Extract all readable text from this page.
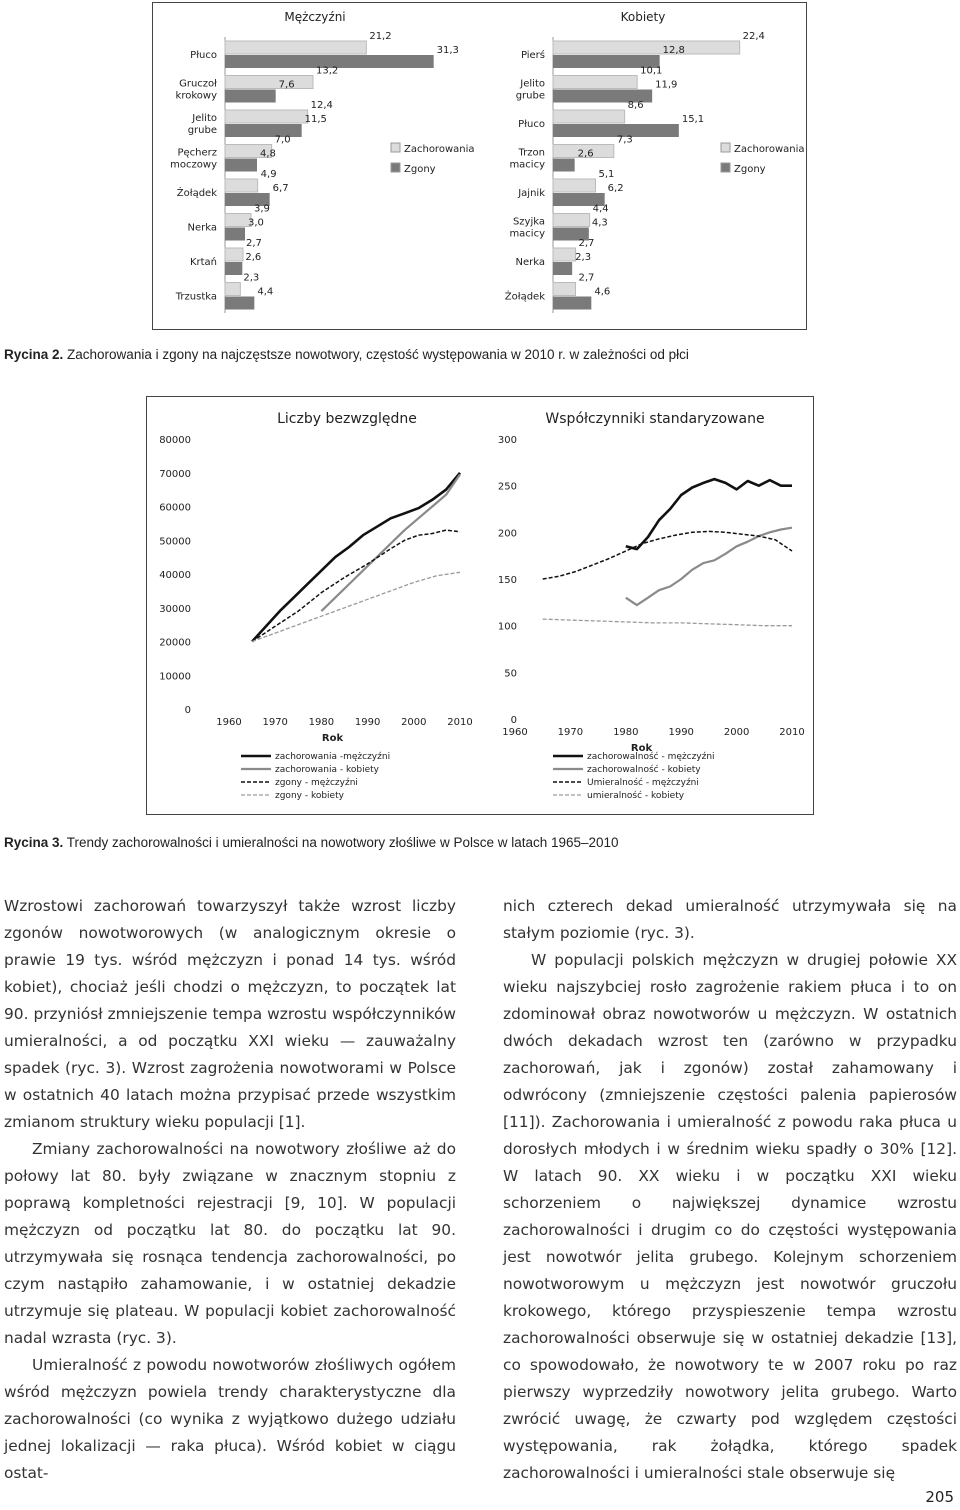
Mężczyźni
Płuco
21,2
31,3
Gruczoł
krokowy
13,2
7,6
Jelito
grube
12,4
11,5
Pęcherz
moczowy
7,0
4,8
Żołądek
4,9
6,7
Nerka
3,9
3,0
Krtań
2,7
2,6
Trzustka
2,3
4,4
Zachorowania
Zgony
Kobiety
Pierś
22,4
12,8
Jelito
grube
10,1
11,9
Płuco
8,6
15,1
Trzon
macicy
7,3
2,6
Jajnik
5,1
6,2
Szyjka
macicy
4,4
4,3
Nerka
2,7
2,3
Żołądek
2,7
4,6
Zachorowania
Zgony
Rycina 2. Zachorowania i zgony na najczęstsze nowotwory, częstość występowania w 2010 r. w zależności od płci
Liczby bezwzględne
0
10000
20000
30000
40000
50000
60000
70000
80000
1960 1970 1980 1990 2000 2010
Rok
zachorowania -mężczyźni
zachorowania - kobiety
zgony - mężczyźni
zgony - kobiety
Współczynniki standaryzowane
0
50
100
150
200
250
300
1960	1970	1980	1990	2000	2010
Rok
zachorowalność - mężczyźni
zachorowalność - kobiety
Umieralność - mężczyźni
umieralność - kobiety
Rycina 3. Trendy zachorowalności i umieralności na nowotwory złośliwe w Polsce w latach 1965–2010

Wzrostowi zachorowań towarzyszył także wzrost liczby zgonów nowotworowych (w analogicznym okresie o prawie 19 tys. wśród mężczyzn i ponad 14 tys. wśród kobiet), chociaż jeśli chodzi o mężczyzn, to początek lat 90. przyniósł zmniejszenie tempa wzrostu współczynników umieralności, a od początku XXI wieku — zauważalny spadek (ryc. 3). Wzrost zagrożenia nowotworami w Polsce w ostatnich 40 latach można przypisać przede wszystkim zmianom struktury wieku populacji [1].

Zmiany zachorowalności na nowotwory złośliwe aż do połowy lat 80. były związane w znacznym stopniu z poprawą kompletności rejestracji [9, 10]. W populacji mężczyzn od początku lat 80. do początku lat 90. utrzymywała się rosnąca tendencja zachorowalności, po czym nastąpiło zahamowanie, i w ostatniej dekadzie utrzymuje się plateau. W populacji kobiet zachorowalność nadal wzrasta (ryc. 3).

Umieralność z powodu nowotworów złośliwych ogółem wśród mężczyzn powiela trendy charakterystyczne dla zachorowalności (co wynika z wyjątkowo dużego udziału jednej lokalizacji — raka płuca). Wśród kobiet w ciągu ostat-

nich czterech dekad umieralność utrzymywała się na stałym poziomie (ryc. 3).

W populacji polskich mężczyzn w drugiej połowie XX wieku najszybciej rosło zagrożenie rakiem płuca i to on zdominował obraz nowotworów u mężczyzn. W ostatnich dwóch dekadach wzrost ten (zarówno w przypadku zachorowań, jak i zgonów) został zahamowany i odwrócony (zmniejszenie częstości palenia papierosów [11]). Zachorowania i umieralność z powodu raka płuca u dorosłych młodych i w średnim wieku spadły o 30% [12]. W latach 90. XX wieku i w początku XXI wieku schorzeniem o największej dynamice wzrostu zachorowalności i drugim co do częstości występowania jest nowotwór jelita grubego. Kolejnym schorzeniem nowotworowym u mężczyzn jest nowotwór gruczołu krokowego, którego przyspieszenie tempa wzrostu zachorowalności obserwuje się w ostatniej dekadzie [13], co spowodowało, że nowotwory te w 2007 roku po raz pierwszy wyprzedziły nowotwory jelita grubego. Warto zwrócić uwagę, że czwarty pod względem częstości występowania, rak żołądka, którego spadek zachorowalności i umieralności stale obserwuje się

205
